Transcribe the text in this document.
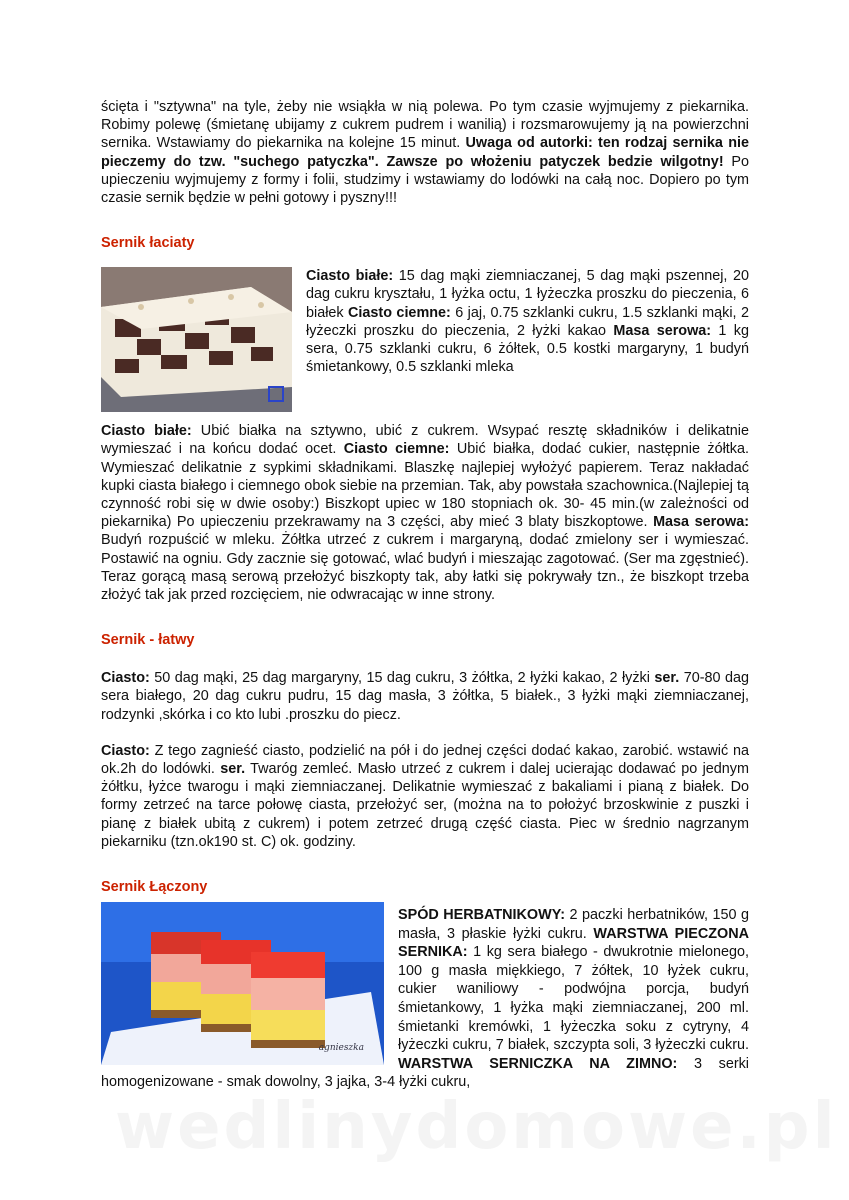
ścięta i "sztywna" na tyle, żeby nie wsiąkła w nią polewa. Po tym czasie wyjmujemy z piekarnika. Robimy polewę (śmietanę ubijamy z cukrem pudrem i wanilią) i rozsmarowujemy ją na powierzchni sernika. Wstawiamy do piekarnika na kolejne 15 minut. Uwaga od autorki: ten rodzaj sernika nie pieczemy do tzw. "suchego patyczka". Zawsze po włożeniu patyczek bedzie wilgotny! Po upieczeniu wyjmujemy z formy i folii, studzimy i wstawiamy do lodówki na całą noc. Dopiero po tym czasie sernik będzie w pełni gotowy i pyszny!!!

Sernik łaciaty

Ciasto białe: 15 dag mąki ziemniaczanej, 5 dag mąki pszennej, 20 dag cukru kryształu, 1 łyżka octu, 1 łyżeczka proszku do pieczenia, 6 białek Ciasto ciemne: 6 jaj, 0.75 szklanki cukru, 1.5 szklanki mąki, 2 łyżeczki proszku do pieczenia, 2 łyżki kakao Masa serowa: 1 kg sera, 0.75 szklanki cukru, 6 żółtek, 0.5 kostki margaryny, 1 budyń śmietankowy, 0.5 szklanki mleka

Ciasto białe: Ubić białka na sztywno, ubić z cukrem. Wsypać resztę składników i delikatnie wymieszać i na końcu dodać ocet. Ciasto ciemne: Ubić białka, dodać cukier, następnie żółtka. Wymieszać delikatnie z sypkimi składnikami. Blaszkę najlepiej wyłożyć papierem. Teraz nakładać kupki ciasta białego i ciemnego obok siebie na przemian. Tak, aby powstała szachownica.(Najlepiej tą czynność robi się w dwie osoby:) Biszkopt upiec w 180 stopniach ok. 30- 45 min.(w zależności od piekarnika) Po upieczeniu przekrawamy na 3 części, aby mieć 3 blaty biszkoptowe. Masa serowa: Budyń rozpuścić w mleku. Żółtka utrzeć z cukrem i margaryną, dodać zmielony ser i wymieszać. Postawić na ogniu. Gdy zacznie się gotować, wlać budyń i mieszając zagotować. (Ser ma zgęstnieć). Teraz gorącą masą serową przełożyć biszkopty tak, aby łatki się pokrywały tzn., że biszkopt trzeba złożyć tak jak przed rozcięciem, nie odwracając w inne strony.

Sernik - łatwy

Ciasto: 50 dag mąki, 25 dag margaryny, 15 dag cukru, 3 żółtka, 2 łyżki kakao, 2 łyżki ser. 70-80 dag sera białego, 20 dag cukru pudru, 15 dag masła, 3 żółtka, 5 białek., 3 łyżki mąki ziemniaczanej, rodzynki ,skórka i co kto lubi .proszku do piecz.

Ciasto: Z tego zagnieść ciasto, podzielić na pół i do jednej części dodać kakao, zarobić. wstawić na ok.2h do lodówki. ser. Twaróg zemleć. Masło utrzeć z cukrem i dalej ucierając dodawać po jednym żółtku, łyżce twarogu i mąki ziemniaczanej. Delikatnie wymieszać z bakaliami i pianą z białek. Do formy zetrzeć na tarce połowę ciasta, przełożyć ser, (można na to położyć brzoskwinie z puszki i pianę z białek ubitą z cukrem) i potem zetrzeć drugą część ciasta. Piec w średnio nagrzanym piekarniku (tzn.ok190 st. C) ok. godziny.

Sernik Łączony
agnieszka

SPÓD HERBATNIKOWY: 2 paczki herbatników, 150 g masła, 3 płaskie łyżki cukru. WARSTWA PIECZONA SERNIKA: 1 kg sera białego - dwukrotnie mielonego, 100 g masła miękkiego, 7 żółtek, 10 łyżek cukru, cukier waniliowy - podwójna porcja, budyń śmietankowy, 1 łyżka mąki ziemniaczanej, 200 ml. śmietanki kremówki, 1 łyżeczka soku z cytryny, 4 łyżeczki cukru, 7 białek, szczypta soli, 3 łyżeczki cukru. WARSTWA SERNICZKA NA ZIMNO: 3 serki homogenizowane - smak dowolny, 3 jajka, 3-4 łyżki cukru,

wedlinydomowe.pl
